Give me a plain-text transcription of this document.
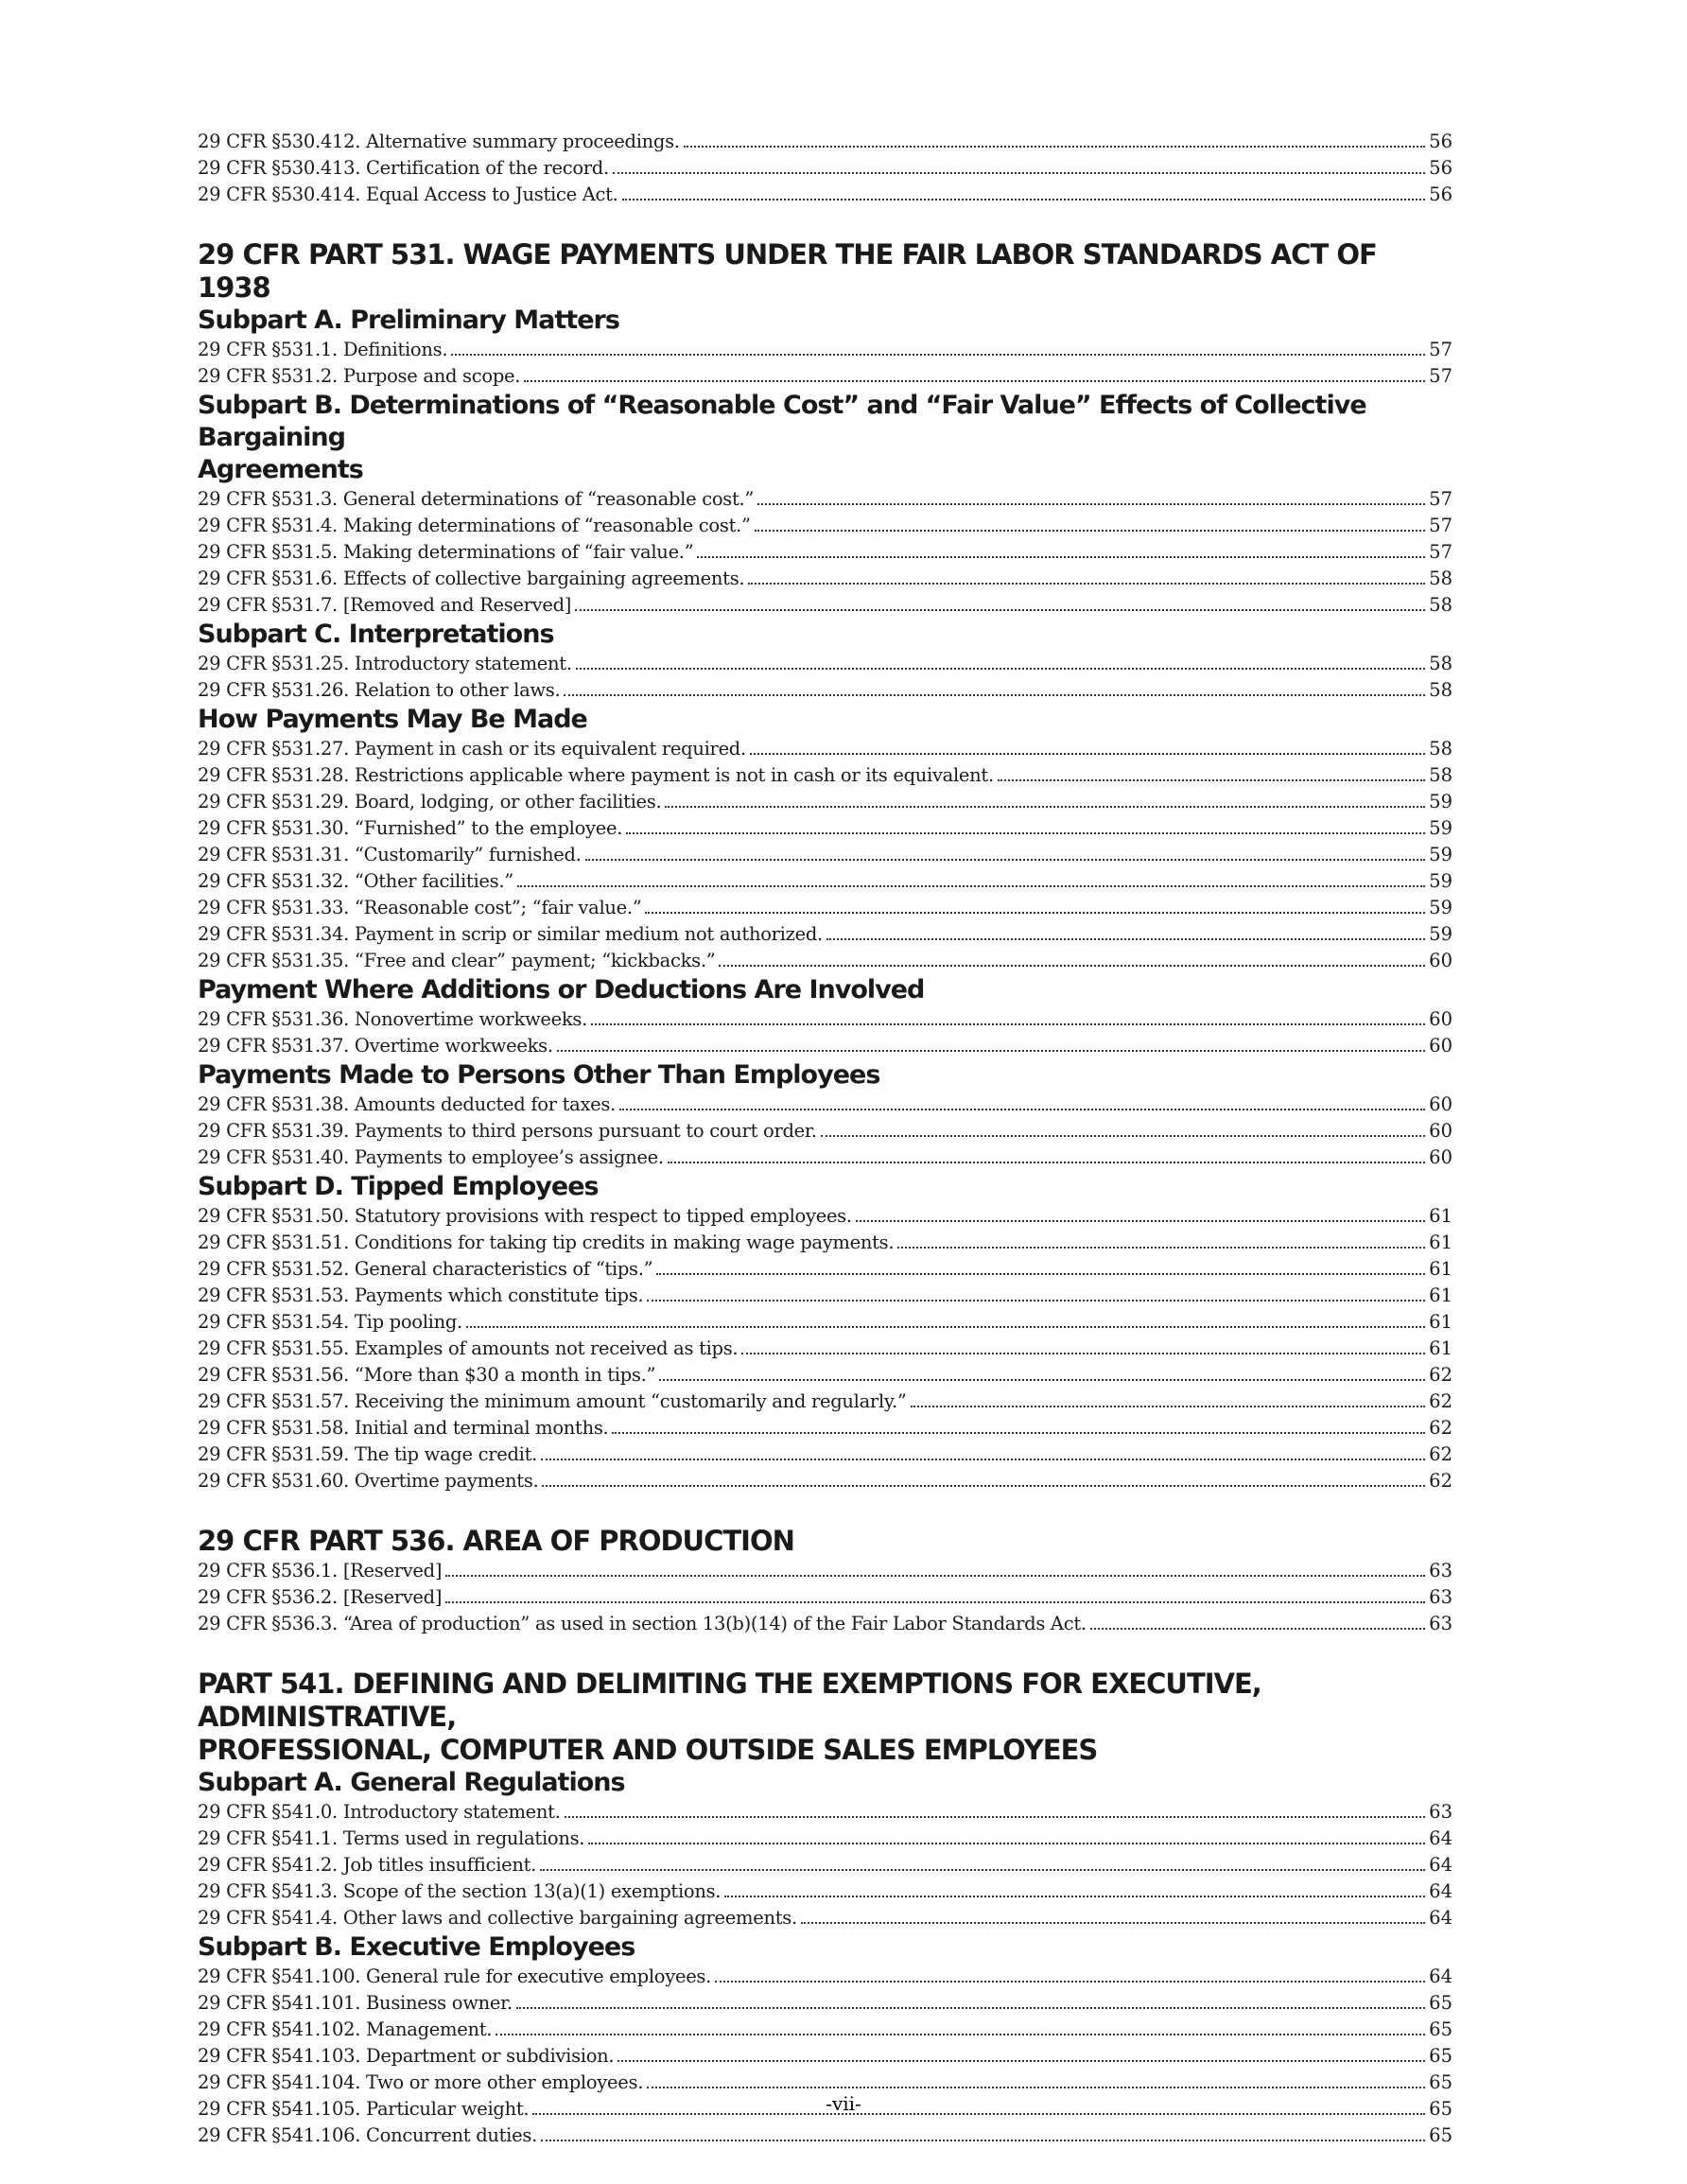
29 CFR §530.412. Alternative summary proceedings.	56
29 CFR §530.413. Certification of the record.	56
29 CFR §530.414. Equal Access to Justice Act.	56
29 CFR PART 531. WAGE PAYMENTS UNDER THE FAIR LABOR STANDARDS ACT OF 1938
Subpart A. Preliminary Matters
29 CFR §531.1. Definitions.	57
29 CFR §531.2. Purpose and scope.	57
Subpart B. Determinations of “Reasonable Cost” and “Fair Value” Effects of Collective Bargaining
Agreements
29 CFR §531.3. General determinations of “reasonable cost.”	57
29 CFR §531.4. Making determinations of “reasonable cost.”	57
29 CFR §531.5. Making determinations of “fair value.”	57
29 CFR §531.6. Effects of collective bargaining agreements.	58
29 CFR §531.7. [Removed and Reserved]	58
Subpart C. Interpretations
29 CFR §531.25. Introductory statement.	58
29 CFR §531.26. Relation to other laws.	58
How Payments May Be Made
29 CFR §531.27. Payment in cash or its equivalent required.	58
29 CFR §531.28. Restrictions applicable where payment is not in cash or its equivalent.	58
29 CFR §531.29. Board, lodging, or other facilities.	59
29 CFR §531.30. “Furnished” to the employee.	59
29 CFR §531.31. “Customarily” furnished.	59
29 CFR §531.32. “Other facilities.”	59
29 CFR §531.33. “Reasonable cost”; “fair value.”	59
29 CFR §531.34. Payment in scrip or similar medium not authorized.	59
29 CFR §531.35. “Free and clear” payment; “kickbacks.”	60
Payment Where Additions or Deductions Are Involved
29 CFR §531.36. Nonovertime workweeks.	60
29 CFR §531.37. Overtime workweeks.	60
Payments Made to Persons Other Than Employees
29 CFR §531.38. Amounts deducted for taxes.	60
29 CFR §531.39. Payments to third persons pursuant to court order.	60
29 CFR §531.40. Payments to employee’s assignee.	60
Subpart D. Tipped Employees
29 CFR §531.50. Statutory provisions with respect to tipped employees.	61
29 CFR §531.51. Conditions for taking tip credits in making wage payments.	61
29 CFR §531.52. General characteristics of “tips.”	61
29 CFR §531.53. Payments which constitute tips.	61
29 CFR §531.54. Tip pooling.	61
29 CFR §531.55. Examples of amounts not received as tips.	61
29 CFR §531.56. “More than $30 a month in tips.”	62
29 CFR §531.57. Receiving the minimum amount “customarily and regularly.”	62
29 CFR §531.58. Initial and terminal months.	62
29 CFR §531.59. The tip wage credit.	62
29 CFR §531.60. Overtime payments.	62
29 CFR PART 536. AREA OF PRODUCTION
29 CFR §536.1. [Reserved]	63
29 CFR §536.2. [Reserved]	63
29 CFR §536.3. “Area of production” as used in section 13(b)(14) of the Fair Labor Standards Act.	63
PART 541. DEFINING AND DELIMITING THE EXEMPTIONS FOR EXECUTIVE, ADMINISTRATIVE,
PROFESSIONAL, COMPUTER AND OUTSIDE SALES EMPLOYEES
Subpart A. General Regulations
29 CFR §541.0. Introductory statement.	63
29 CFR §541.1. Terms used in regulations.	64
29 CFR §541.2. Job titles insufficient.	64
29 CFR §541.3. Scope of the section 13(a)(1) exemptions.	64
29 CFR §541.4. Other laws and collective bargaining agreements.	64
Subpart B. Executive Employees
29 CFR §541.100. General rule for executive employees.	64
29 CFR §541.101. Business owner.	65
29 CFR §541.102. Management.	65
29 CFR §541.103. Department or subdivision.	65
29 CFR §541.104. Two or more other employees.	65
29 CFR §541.105. Particular weight.	65
29 CFR §541.106. Concurrent duties.	65
-vii-
